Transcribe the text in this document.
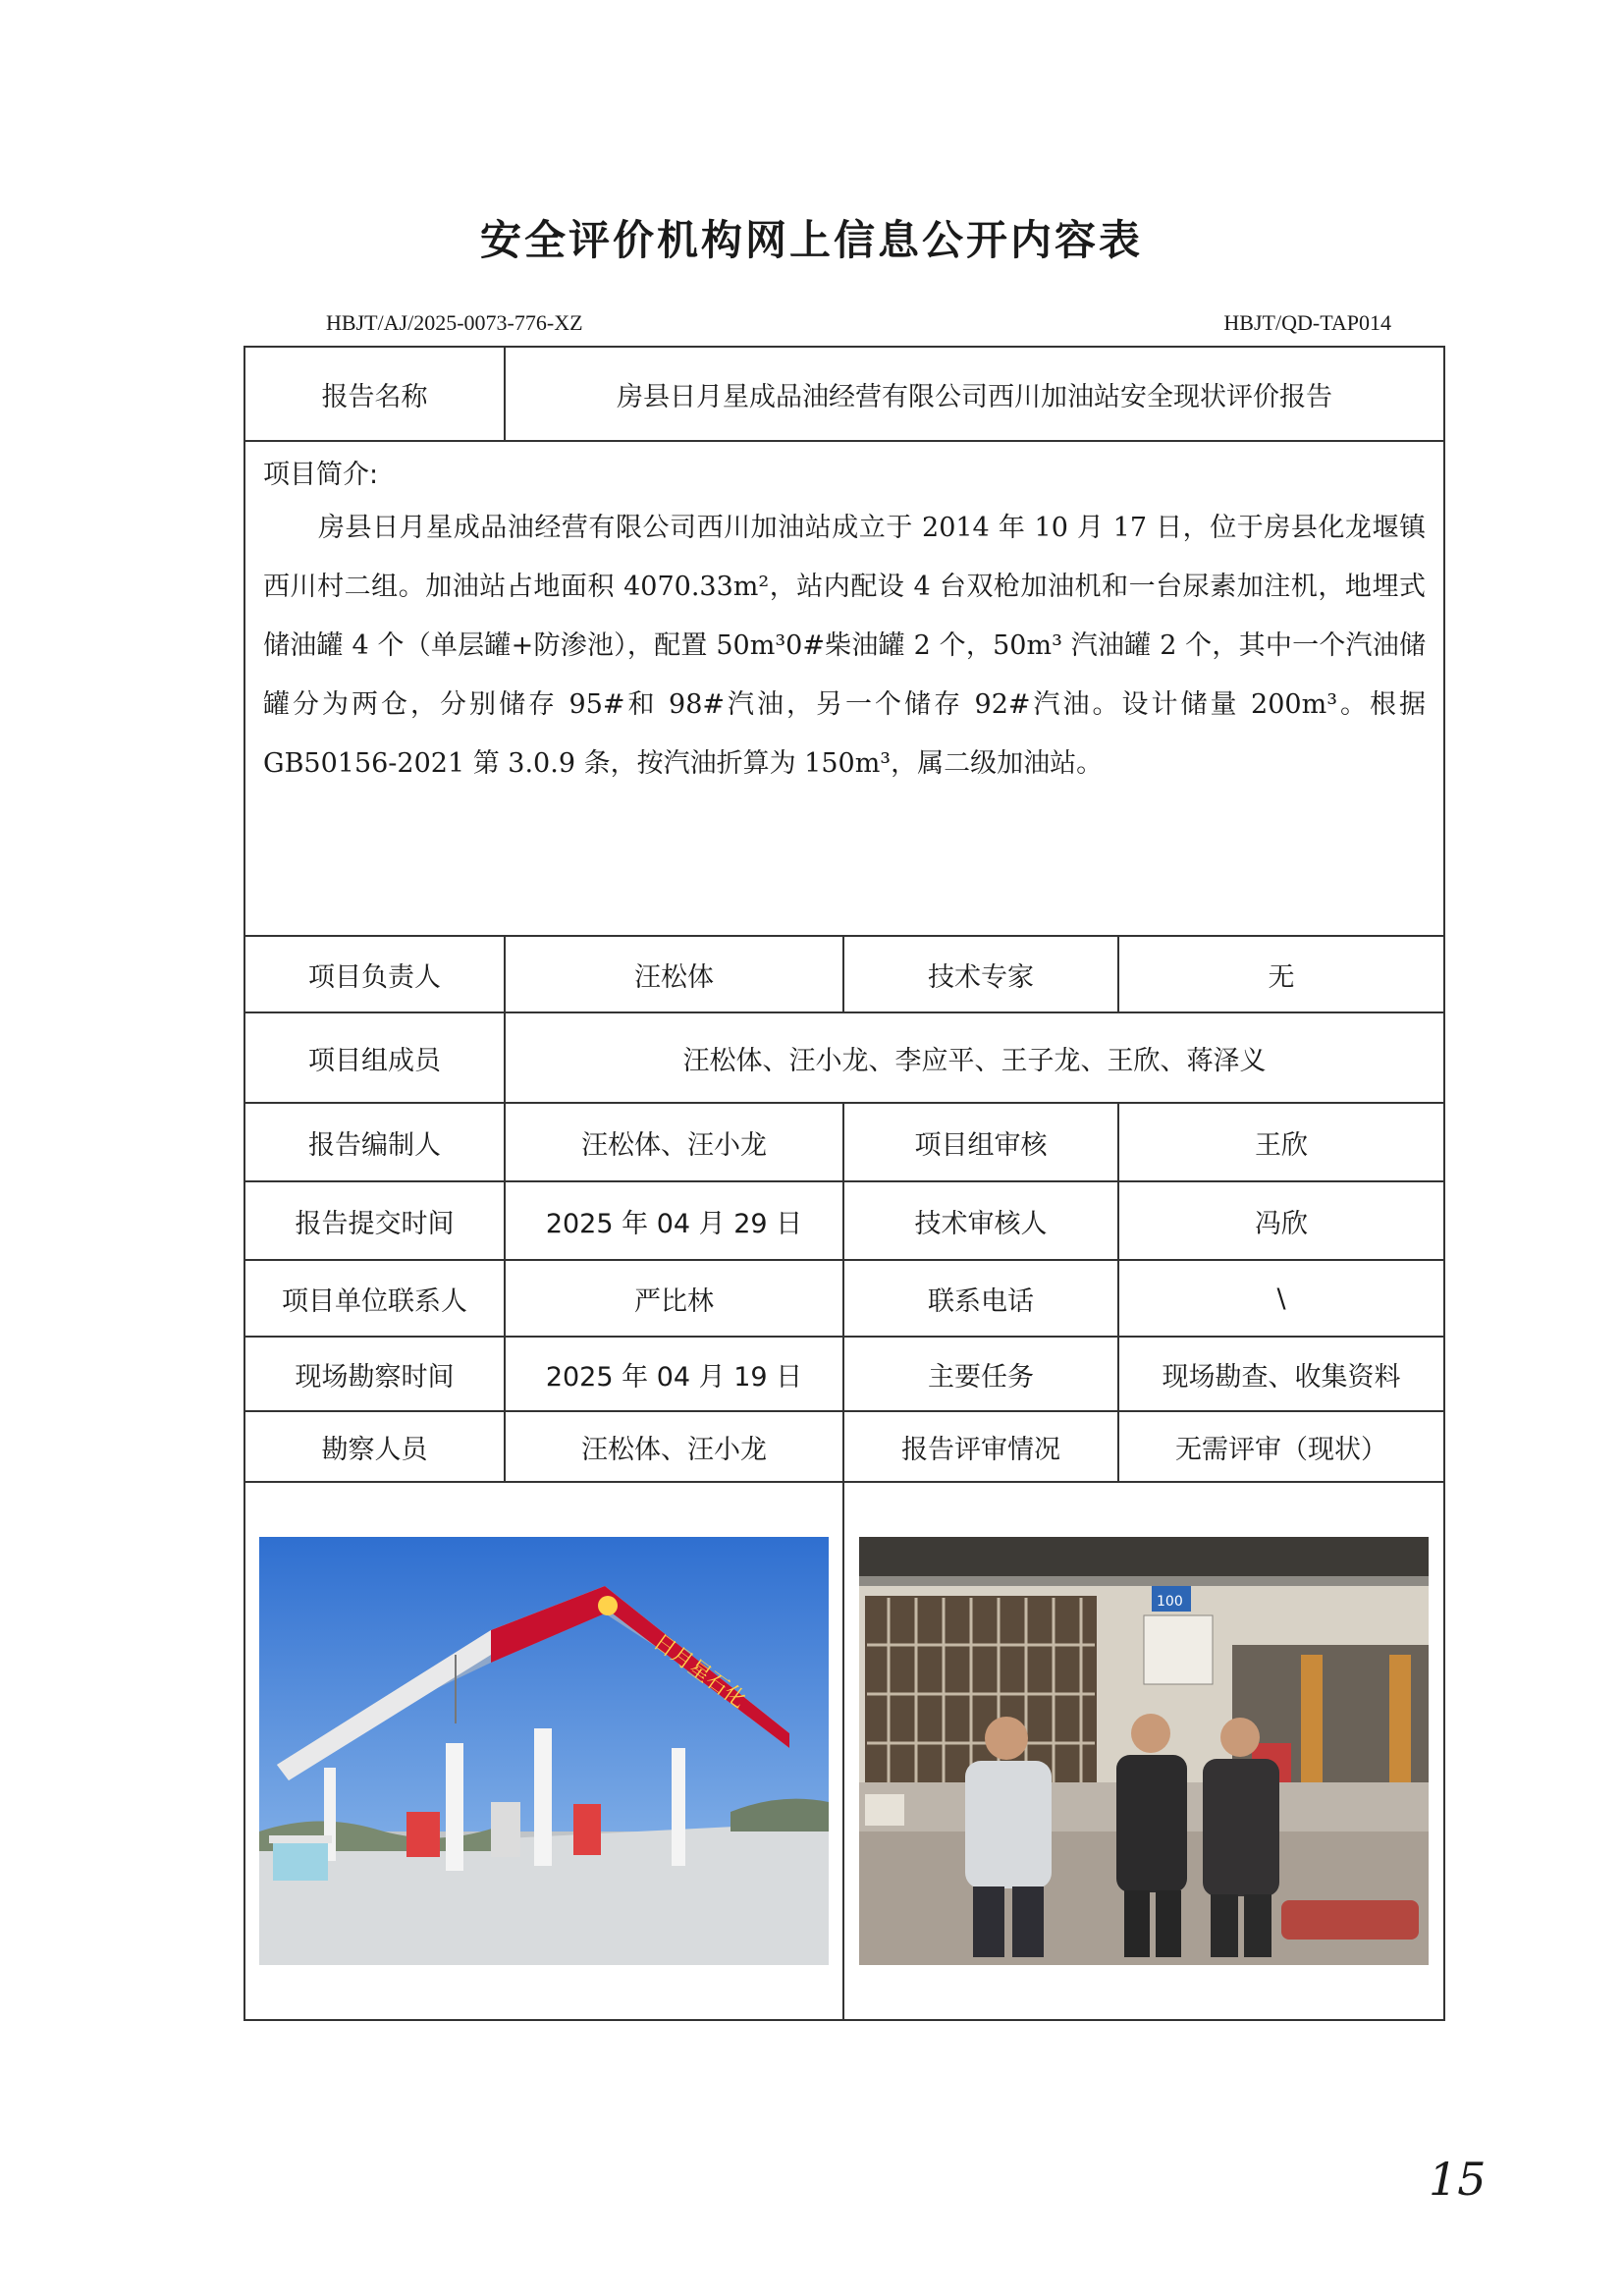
安全评价机构网上信息公开内容表
HBJT/AJ/2025-0073-776-XZ	HBJT/QD-TAP014
报告名称	房县日月星成品油经营有限公司西川加油站安全现状评价报告		

项目简介:
房县日月星成品油经营有限公司西川加油站成立于 2014 年 10 月 17 日，位于房县化龙堰镇西川村二组。加油站占地面积 4070.33m²，站内配设 4 台双枪加油机和一台尿素加注机，地埋式储油罐 4 个（单层罐+防渗池），配置 50m³0#柴油罐 2 个，50m³ 汽油罐 2 个，其中一个汽油储罐分为两仓，分别储存 95#和 98#汽油，另一个储存 92#汽油。设计储量 200m³。根据 GB50156-2021 第 3.0.9 条，按汽油折算为 150m³，属二级加油站。			

项目负责人	汪松体	技术专家	无
项目组成员	汪松体、汪小龙、李应平、王子龙、王欣、蒋泽义		
报告编制人	汪松体、汪小龙	项目组审核	王欣
报告提交时间	2025 年 04 月 29 日	技术审核人	冯欣
项目单位联系人	严比林	联系电话	\
现场勘察时间	2025 年 04 月 19 日	主要任务	现场勘查、收集资料
勘察人员	汪松体、汪小龙	报告评审情况	无需评审（现状）

日月星石化		100	
15
